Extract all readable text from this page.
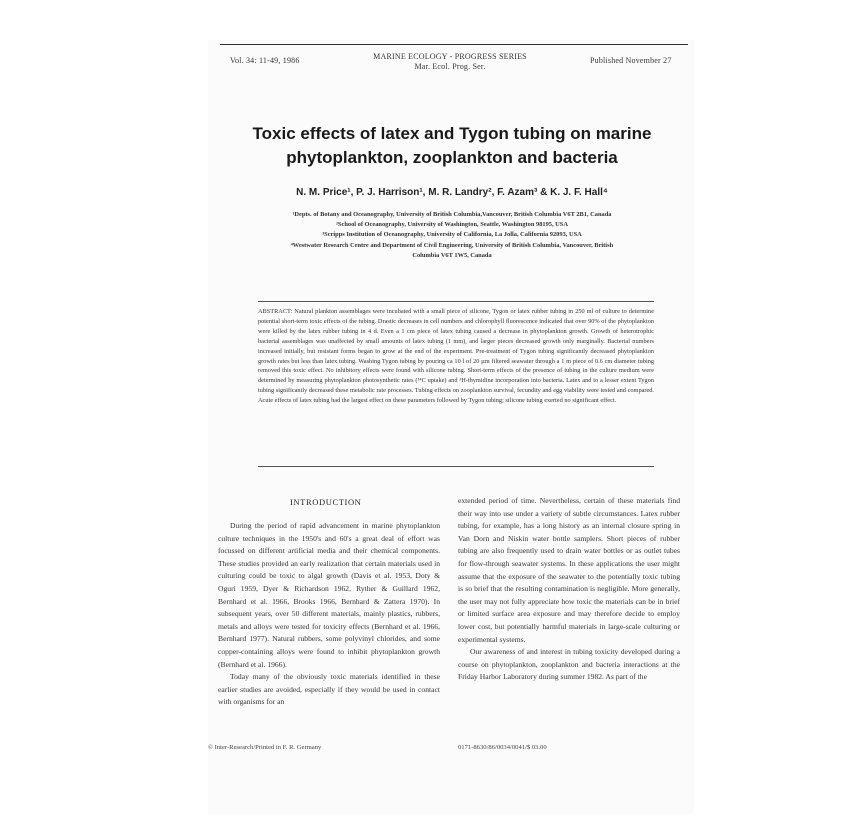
Vol. 34: 11-49, 1986	MARINE ECOLOGY - PROGRESS SERIES
Mar. Ecol. Prog. Ser.
Published November 27
Toxic effects of latex and Tygon tubing on marine
phytoplankton, zooplankton and bacteria
N. M. Price¹, P. J. Harrison¹, M. R. Landry², F. Azam³ & K. J. F. Hall⁴
¹Depts. of Botany and Oceanography, University of British Columbia,Vancouver, British Columbia V6T 2B1, Canada
²School of Oceanography, University of Washington, Seattle, Washington 98195, USA
³Scripps Institution of Oceanography, University of California, La Jolla, California 92093, USA
⁴Westwater Research Centre and Department of Civil Engineering, University of British Columbia, Vancouver, British
Columbia V6T 1W5, Canada
ABSTRACT: Natural plankton assemblages were incubated with a small piece of silicone, Tygon or latex rubber tubing in 250 ml of culture to determine potential short-term toxic effects of the tubing. Drastic decreases in cell numbers and chlorophyll fluorescence indicated that over 90% of the phytoplankton were killed by the latex rubber tubing in 4 d. Even a 1 cm piece of latex tubing caused a decrease in phytoplankton growth. Growth of heterotrophic bacterial assemblages was unaffected by small amounts of latex tubing (1 mm), and larger pieces decreased growth only marginally. Bacterial numbers increased initially, but resistant forms began to grow at the end of the experiment. Pre-treatment of Tygon tubing significantly decreased phytoplankton growth rates but less than latex tubing. Washing Tygon tubing by pouring ca 10 l of 20 µm filtered seawater through a 1 m piece of 0.6 cm diameter tubing removed this toxic effect. No inhibitory effects were found with silicone tubing. Short-term effects of the presence of tubing in the culture medium were determined by measuring phytoplankton photosynthetic rates (¹⁴C uptake) and ³H-thymidine incorporation into bacteria. Latex and to a lesser extent Tygon tubing significantly decreased these metabolic rate processes. Tubing effects on zooplankton survival, fecundity and egg viability were tested and compared. Acute effects of latex tubing had the largest effect on these parameters followed by Tygon tubing; silicone tubing exerted no significant effect.
INTRODUCTION

During the period of rapid advancement in marine phytoplankton culture techniques in the 1950's and 60's a great deal of effort was focussed on different artificial media and their chemical components. These studies provided an early realization that certain materials used in culturing could be toxic to algal growth (Davis et al. 1953, Doty & Oguri 1959, Dyer & Richardson 1962, Ryther & Guillard 1962, Bernhard et al. 1966, Brooks 1966, Bernhard & Zattera 1970). In subsequent years, over 50 different materials, mainly plastics, rubbers, metals and alloys were tested for toxicity effects (Bernhard et al. 1966, Bernhard 1977). Natural rubbers, some polyvinyl chlorides, and some copper-containing alloys were found to inhibit phytoplankton growth (Bernhard et al. 1966).

Today many of the obviously toxic materials identified in these earlier studies are avoided, especially if they would be used in contact with organisms for an

extended period of time. Nevertheless, certain of these materials find their way into use under a variety of subtle circumstances. Latex rubber tubing, for example, has a long history as an internal closure spring in Van Dorn and Niskin water bottle samplers. Short pieces of rubber tubing are also frequently used to drain water bottles or as outlet tubes for flow-through seawater systems. In these applications the user might assume that the exposure of the seawater to the potentially toxic tubing is so brief that the resulting contamination is negligible. More generally, the user may not fully appreciate how toxic the materials can be in brief or limited surface area exposure and may therefore decide to employ lower cost, but potentially harmful materials in large-scale culturing or experimental systems.

Our awareness of and interest in tubing toxicity developed during a course on phytoplankton, zooplankton and bacteria interactions at the Friday Harbor Laboratory during summer 1982. As part of the

© Inter-Research/Printed in F. R. Germany	0171-8630/86/0034/0041/$ 03.00
